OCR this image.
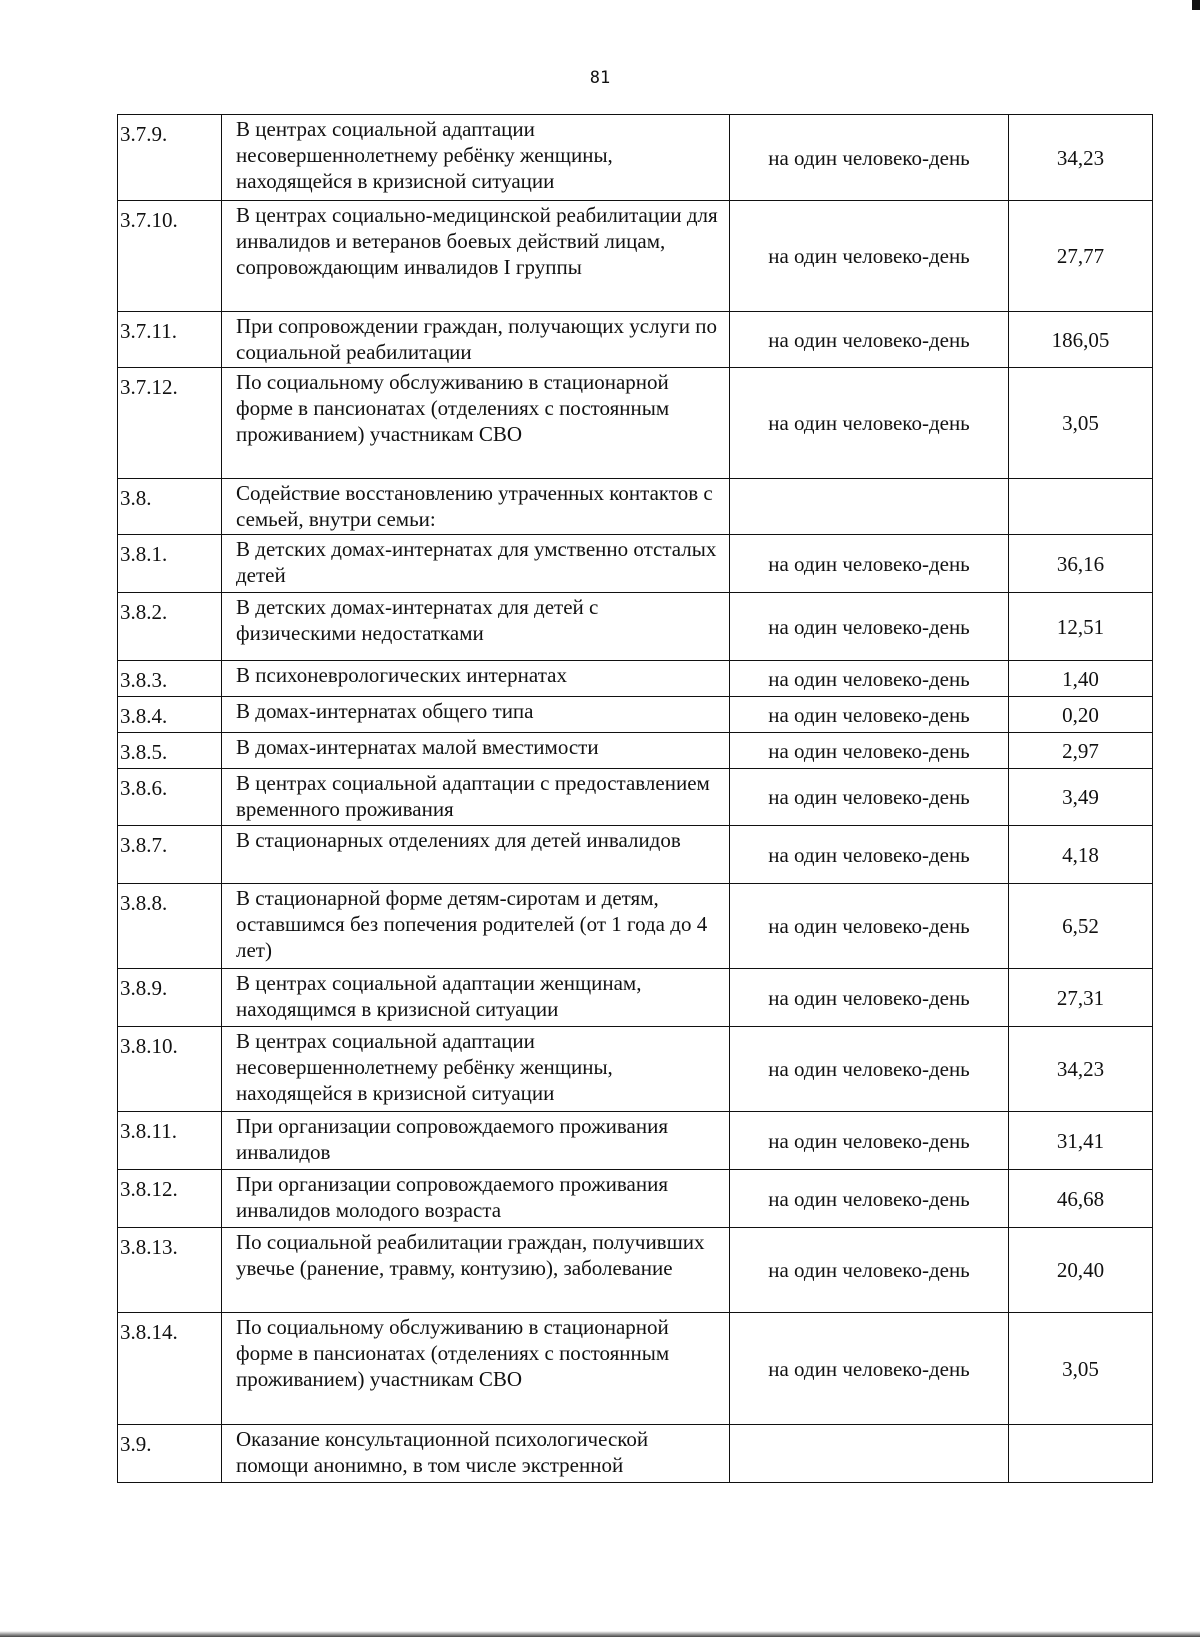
81
3.7.9.	В центрах социальной адаптации несовершеннолетнему ребёнку женщины, находящейся в кризисной ситуации	на один человеко-день	34,23
3.7.10.	В центрах социально-медицинской реабилитации для инвалидов и ветеранов боевых действий лицам, сопровождающим инвалидов I группы	на один человеко-день	27,77
3.7.11.	При сопровождении граждан, получающих услуги по социальной реабилитации	на один человеко-день	186,05
3.7.12.	По социальному обслуживанию в стационарной форме в пансионатах (отделениях с постоянным проживанием) участникам СВО	на один человеко-день	3,05
3.8.	Содействие восстановлению утраченных контактов с семьей, внутри семьи:		
3.8.1.	В детских домах-интернатах для умственно отсталых детей	на один человеко-день	36,16
3.8.2.	В детских домах-интернатах для детей с физическими недостатками	на один человеко-день	12,51
3.8.3.	В психоневрологических интернатах	на один человеко-день	1,40
3.8.4.	В домах-интернатах общего типа	на один человеко-день	0,20
3.8.5.	В домах-интернатах малой вместимости	на один человеко-день	2,97
3.8.6.	В центрах социальной адаптации с предоставлением временного проживания	на один человеко-день	3,49
3.8.7.	В стационарных отделениях для детей инвалидов	на один человеко-день	4,18
3.8.8.	В стационарной форме детям-сиротам и детям, оставшимся без попечения родителей (от 1 года до 4 лет)	на один человеко-день	6,52
3.8.9.	В центрах социальной адаптации женщинам, находящимся в кризисной ситуации	на один человеко-день	27,31
3.8.10.	В центрах социальной адаптации несовершеннолетнему ребёнку женщины, находящейся в кризисной ситуации	на один человеко-день	34,23
3.8.11.	При организации сопровождаемого проживания инвалидов	на один человеко-день	31,41
3.8.12.	При организации сопровождаемого проживания инвалидов молодого возраста	на один человеко-день	46,68
3.8.13.	По социальной реабилитации граждан, получивших увечье (ранение, травму, контузию), заболевание	на один человеко-день	20,40
3.8.14.	По социальному обслуживанию в стационарной форме в пансионатах (отделениях с постоянным проживанием) участникам СВО	на один человеко-день	3,05
3.9.	Оказание консультационной психологической помощи анонимно, в том числе экстренной		
